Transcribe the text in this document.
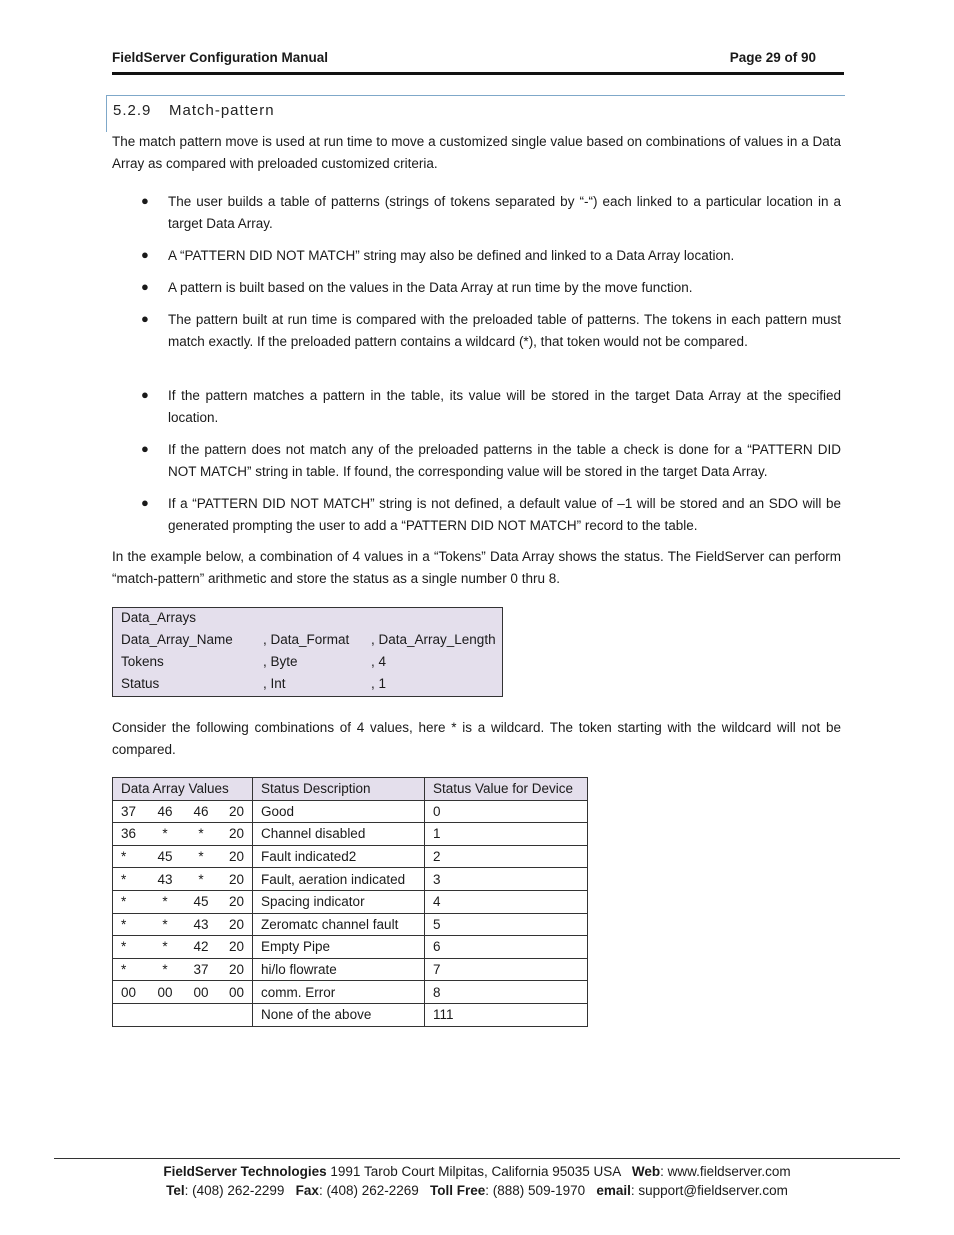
FieldServer Configuration Manual	Page 29 of 90
5.2.9 Match-pattern

The match pattern move is used at run time to move a customized single value based on combinations of values in a Data Array as compared with preloaded customized criteria.

● The user builds a table of patterns (strings of tokens separated by “-“) each linked to a particular location in a target Data Array.

● A “PATTERN DID NOT MATCH” string may also be defined and linked to a Data Array location.

● A pattern is built based on the values in the Data Array at run time by the move function.

● The pattern built at run time is compared with the preloaded table of patterns. The tokens in each pattern must match exactly. If the preloaded pattern contains a wildcard (*), that token would not be compared.

● If the pattern matches a pattern in the table, its value will be stored in the target Data Array at the specified location.

● If the pattern does not match any of the preloaded patterns in the table a check is done for a “PATTERN DID NOT MATCH” string in table. If found, the corresponding value will be stored in the target Data Array.

● If a “PATTERN DID NOT MATCH” string is not defined, a default value of –1 will be stored and an SDO will be generated prompting the user to add a “PATTERN DID NOT MATCH” record to the table.

In the example below, a combination of 4 values in a “Tokens” Data Array shows the status. The FieldServer can perform “match-pattern” arithmetic and store the status as a single number 0 thru 8.

Data_Arrays
Data_Array_Name , Data_Format , Data_Array_Length
Tokens	, Byte	, 4
Status	, Int	, 1

Consider the following combinations of 4 values, here * is a wildcard. The token starting with the wildcard will not be compared.

Data Array Values	Status Description	Status Value for Device

37 46 46 20	Good	0

36 * * 20	Channel disabled	1

* 45 * 20	Fault indicated2	2

* 43 * 20	Fault, aeration indicated	3

* * 45 20	Spacing indicator	4

* * 43 20	Zeromatc channel fault	5

* * 42 20	Empty Pipe	6

* * 37 20	hi/lo flowrate	7

00 00 00 00	comm. Error	8

	None of the above	111
FieldServer Technologies 1991 Tarob Court Milpitas, California 95035 USA   Web: www.fieldserver.com
Tel: (408) 262-2299   Fax: (408) 262-2269   Toll Free: (888) 509-1970   email: support@fieldserver.com
